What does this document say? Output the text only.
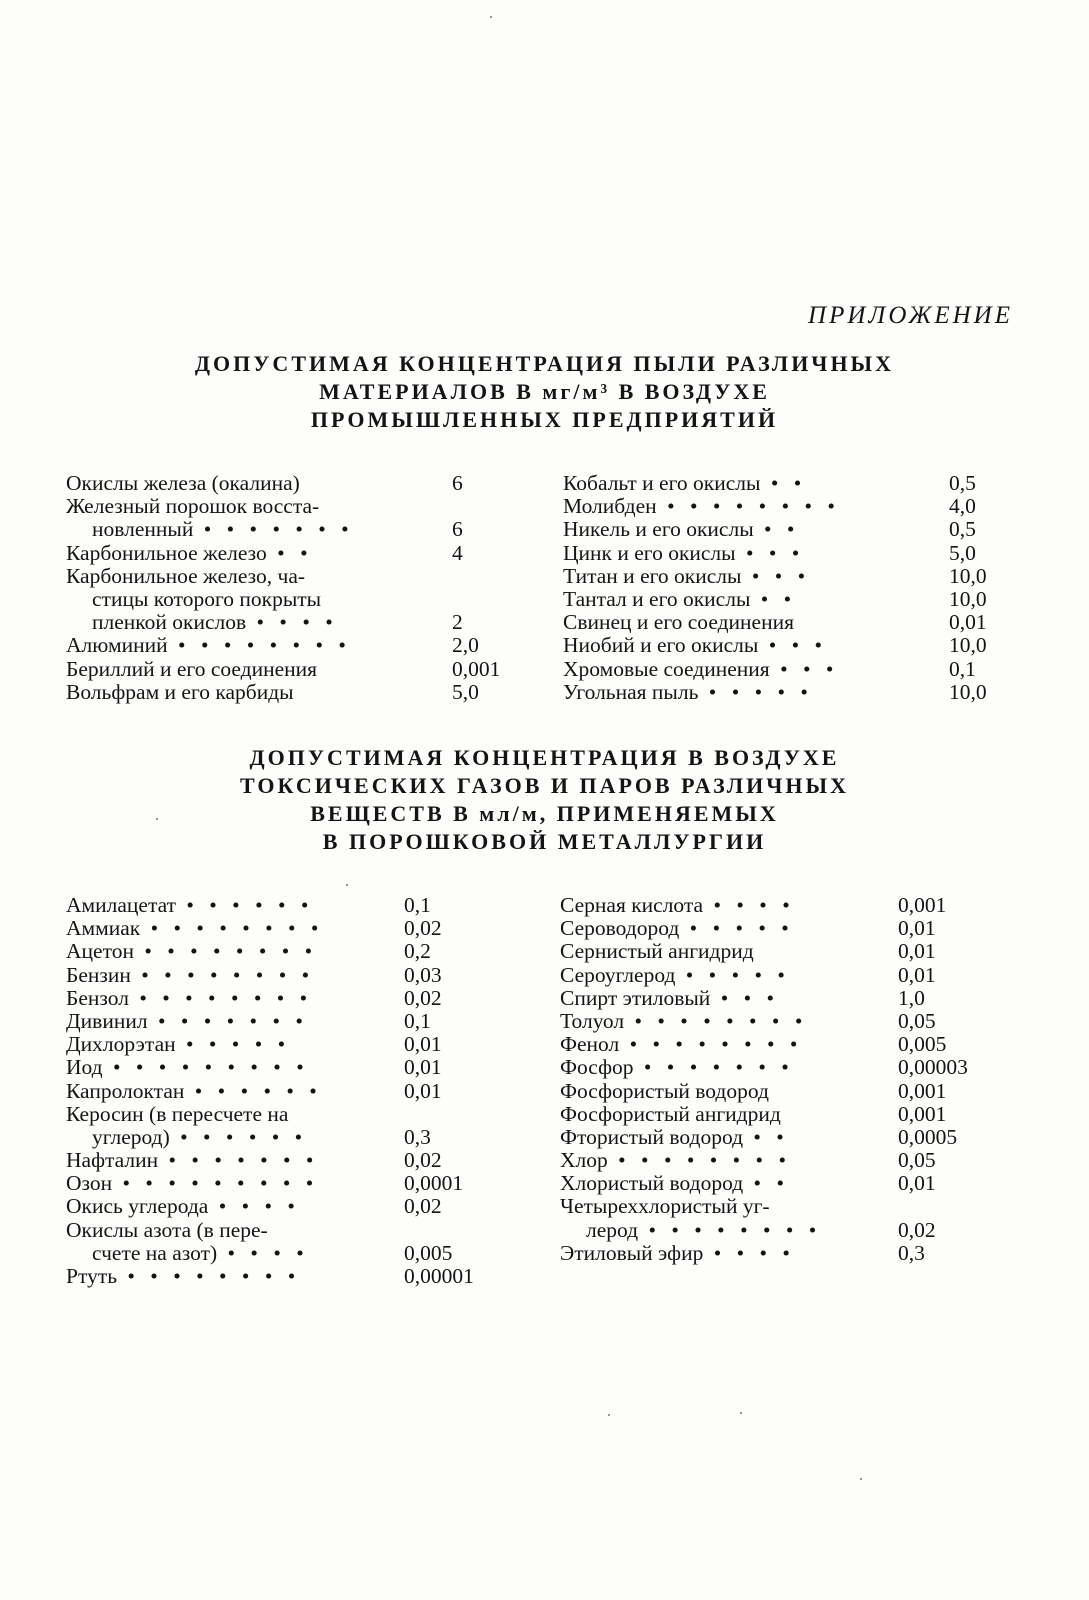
ПРИЛОЖЕНИЕ
ДОПУСТИМАЯ КОНЦЕНТРАЦИЯ ПЫЛИ РАЗЛИЧНЫХ
МАТЕРИАЛОВ В мг/м³ В ВОЗДУХЕ
ПРОМЫШЛЕННЫХ ПРЕДПРИЯТИЙ
Окислы железа (окалина)	6
Железный порошок восста-
новленный • • • • • • •	6
Карбонильное железо • •	4
Карбонильное железо, ча-
стицы которого покрыты
пленкой окислов • • • •	2
Алюминий • • • • • • • •	2,0
Бериллий и его соединения	0,001
Вольфрам и его карбиды	5,0
Кобальт и его окислы • •	0,5
Молибден • • • • • • • •	4,0
Никель и его окислы • •	0,5
Цинк и его окислы • • •	5,0
Титан и его окислы • • •	10,0
Тантал и его окислы • •	10,0
Свинец и его соединения	0,01
Ниобий и его окислы • • •	10,0
Хромовые соединения • • •	0,1
Угольная пыль • • • • •	10,0
ДОПУСТИМАЯ КОНЦЕНТРАЦИЯ В ВОЗДУХЕ
ТОКСИЧЕСКИХ ГАЗОВ И ПАРОВ РАЗЛИЧНЫХ
ВЕЩЕСТВ В мл/м, ПРИМЕНЯЕМЫХ
В ПОРОШКОВОЙ МЕТАЛЛУРГИИ
Амилацетат • • • • • •	0,1
Аммиак • • • • • • • •	0,02
Ацетон • • • • • • • •	0,2
Бензин • • • • • • • •	0,03
Бензол • • • • • • • •	0,02
Дивинил • • • • • • •	0,1
Дихлорэтан • • • • •	0,01
Иод • • • • • • • • •	0,01
Капролоктан • • • • • •	0,01
Керосин (в пересчете на
углерод) • • • • • •	0,3
Нафталин • • • • • • •	0,02
Озон • • • • • • • • •	0,0001
Окись углерода • • • •	0,02
Окислы азота (в пере-
счете на азот) • • • •	0,005
Ртуть • • • • • • • •	0,00001
Серная кислота • • • •	0,001
Сероводород • • • • •	0,01
Сернистый ангидрид	0,01
Сероуглерод • • • • •	0,01
Спирт этиловый • • •	1,0
Толуол • • • • • • • •	0,05
Фенол • • • • • • • •	0,005
Фосфор • • • • • • •	0,00003
Фосфористый водород	0,001
Фосфористый ангидрид	0,001
Фтористый водород • •	0,0005
Хлор • • • • • • • •	0,05
Хлористый водород • •	0,01
Четыреххлористый уг-
лерод • • • • • • • •	0,02
Этиловый эфир • • • •	0,3
